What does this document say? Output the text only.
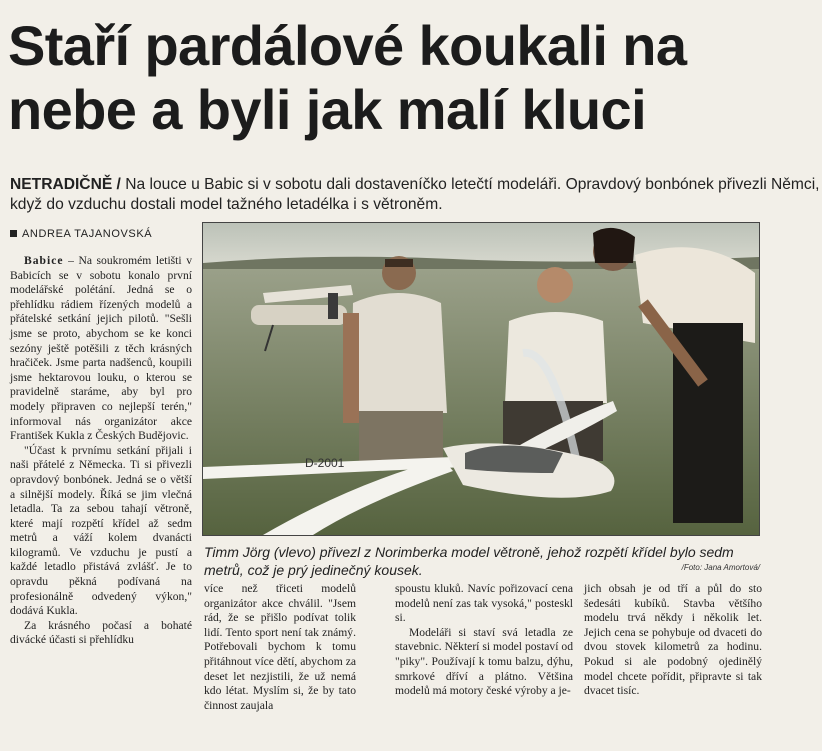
Staří pardálové koukali na
nebe a byli jak malí kluci
NETRADIČNĚ / Na louce u Babic si v sobotu dali dostaveníčko letečtí modeláři. Opravdový bonbónek přivezli Němci, když do vzduchu dostali model tažného letadélka i s větroněm.
ANDREA TAJANOVSKÁ

Babice – Na soukromém letišti v Babicích se v sobotu konalo první modelářské polétání. Jedná se o přehlídku rádiem řízených modelů a přátelské setkání jejich pilotů. "Sešli jsme se proto, abychom se ke konci sezóny ještě potěšili z těch krásných hračiček. Jsme parta nadšenců, koupili jsme hektarovou louku, o kterou se pravidelně staráme, aby byl pro modely připraven co nejlepší terén," informoval nás organizátor akce František Kukla z Českých Budějovic.

"Účast k prvnímu setkání přijali i naši přátelé z Německa. Ti si přivezli opravdový bonbónek. Jedná se o větší a silnější modely. Říká se jim vlečná letadla. Ta za sebou tahají větroně, které mají rozpětí křídel až sedm metrů a váží kolem dvanácti kilogramů. Ve vzduchu je pustí a každé letadlo přistává zvlášť. Je to opravdu pěkná podívaná na profesionálně odvedený výkon," dodává Kukla.

Za krásného počasí a bohaté divácké účasti si přehlídku

D-2001
Timm Jörg (vlevo) přivezl z Norimberka model větroně, jehož rozpětí křídel bylo sedm metrů, což je prý jedinečný kousek.	/Foto: Jana Amortová/

více než třiceti modelů organizátor akce chválil. "Jsem rád, že se přišlo podívat tolik lidí. Tento sport není tak známý. Potřebovali bychom k tomu přitáhnout více dětí, abychom za deset let nezjistili, že už nemá kdo létat. Myslím si, že by tato činnost zaujala

spoustu kluků. Navíc pořizovací cena modelů není zas tak vysoká," posteskl si.

Modeláři si staví svá letadla ze stavebnic. Některí si model postaví od "piky". Používají k tomu balzu, dýhu, smrkové dříví a plátno. Většina modelů má motory české výroby a je-

jich obsah je od tří a půl do sto šedesáti kubíků. Stavba většího modelu trvá někdy i několik let. Jejich cena se pohybuje od dvaceti do dvou stovek kilometrů za hodinu. Pokud si ale podobný ojedinělý model chcete pořídit, připravte si tak dvacet tisíc.
